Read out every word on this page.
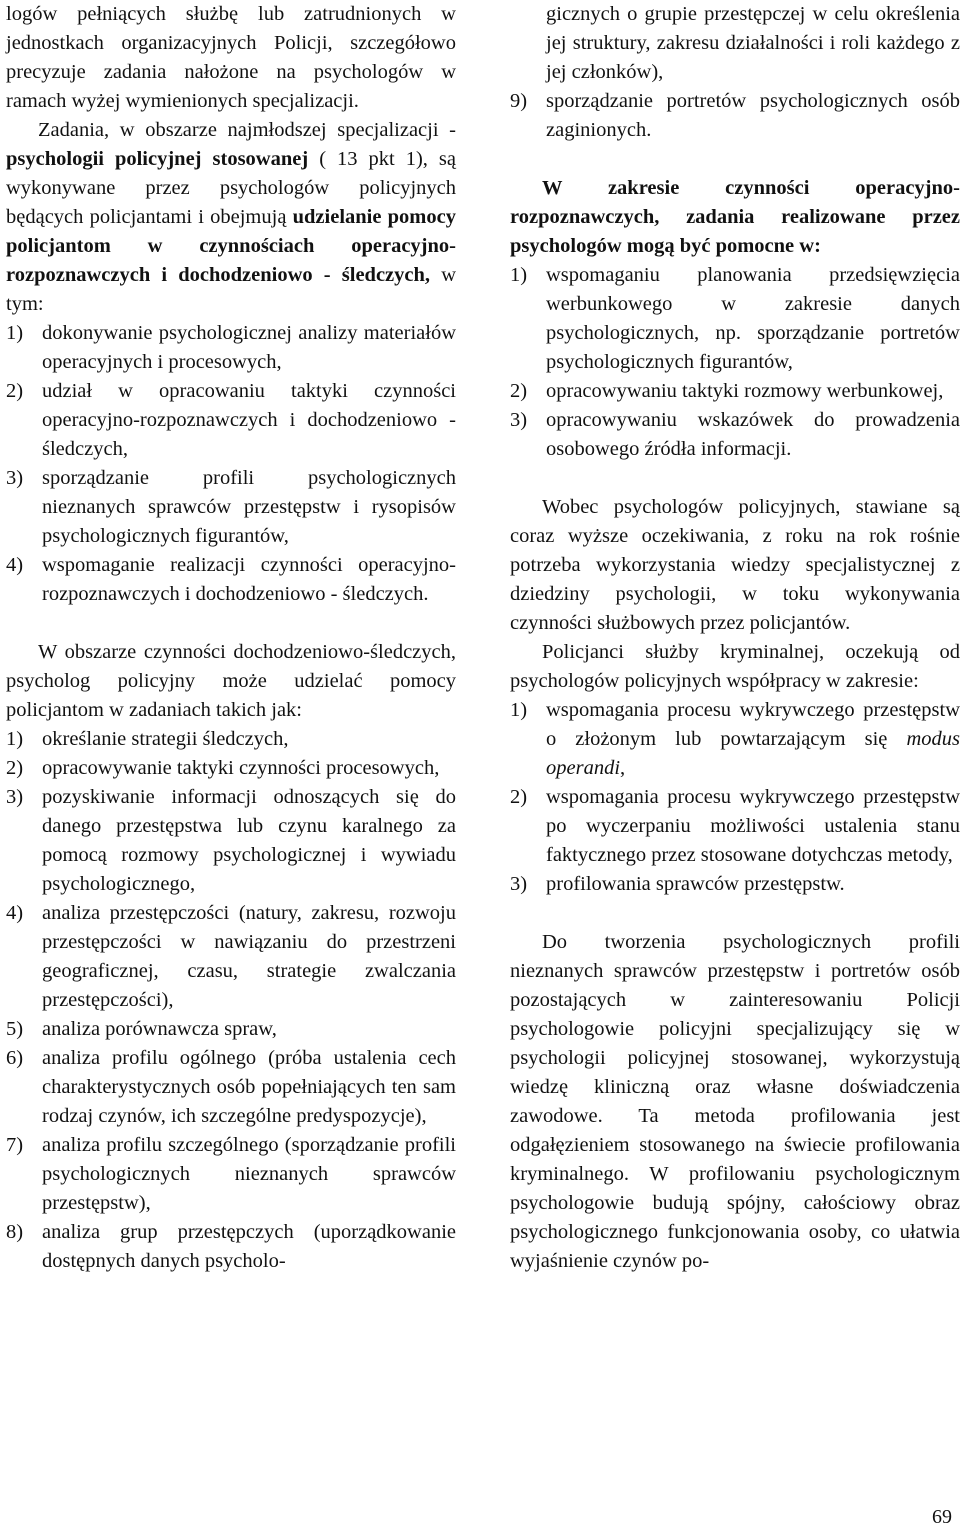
logów pełniących służbę lub zatrudnionych w jednostkach organizacyjnych Policji, szczegółowo precyzuje zadania nałożone na psychologów w ramach wyżej wymienionych specjalizacji.

Zadania, w obszarze najmłodszej specjalizacji - psychologii policyjnej stosowanej ( 13 pkt 1), są wykonywane przez psychologów policyjnych będących policjantami i obejmują udzielanie pomocy policjantom w czynnościach operacyjno-rozpoznawczych i dochodzeniowo - śledczych, w tym:

1) dokonywanie psychologicznej analizy materiałów operacyjnych i procesowych,
2) udział w opracowaniu taktyki czynności operacyjno-rozpoznawczych i dochodzeniowo - śledczych,
3) sporządzanie profili psychologicznych nieznanych sprawców przestępstw i rysopisów psychologicznych figurantów,
4) wspomaganie realizacji czynności operacyjno-rozpoznawczych i dochodzeniowo - śledczych.

W obszarze czynności dochodzeniowo-śledczych, psycholog policyjny może udzielać pomocy policjantom w zadaniach takich jak:

1) określanie strategii śledczych,
2) opracowywanie taktyki czynności procesowych,
3) pozyskiwanie informacji odnoszących się do danego przestępstwa lub czynu karalnego za pomocą rozmowy psychologicznej i wywiadu psychologicznego,
4) analiza przestępczości (natury, zakresu, rozwoju przestępczości w nawiązaniu do przestrzeni geograficznej, czasu, strategie zwalczania przestępczości),
5) analiza porównawcza spraw,
6) analiza profilu ogólnego (próba ustalenia cech charakterystycznych osób popełniających ten sam rodzaj czynów, ich szczególne predyspozycje),
7) analiza profilu szczególnego (sporządzanie profili psychologicznych nieznanych sprawców przestępstw),
8) analiza grup przestępczych (uporządkowanie dostępnych danych psycholo-
gicznych o grupie przestępczej w celu określenia jej struktury, zakresu działalności i roli każdego z jej członków),
9) sporządzanie portretów psychologicznych osób zaginionych.

W zakresie czynności operacyjno-rozpoznawczych, zadania realizowane przez psychologów mogą być pomocne w:

1) wspomaganiu planowania przedsięwzięcia werbunkowego w zakresie danych psychologicznych, np. sporządzanie portretów psychologicznych figurantów,
2) opracowywaniu taktyki rozmowy werbunkowej,
3) opracowywaniu wskazówek do prowadzenia osobowego źródła informacji.

Wobec psychologów policyjnych, stawiane są coraz wyższe oczekiwania, z roku na rok rośnie potrzeba wykorzystania wiedzy specjalistycznej z dziedziny psychologii, w toku wykonywania czynności służbowych przez policjantów.

Policjanci służby kryminalnej, oczekują od psychologów policyjnych współpracy w zakresie:

1) wspomagania procesu wykrywczego przestępstw o złożonym lub powtarzającym się modus operandi,
2) wspomagania procesu wykrywczego przestępstw po wyczerpaniu możliwości ustalenia stanu faktycznego przez stosowane dotychczas metody,
3) profilowania sprawców przestępstw.

Do tworzenia psychologicznych profili nieznanych sprawców przestępstw i portretów osób pozostających w zainteresowaniu Policji psychologowie policyjni specjalizujący się w psychologii policyjnej stosowanej, wykorzystują wiedzę kliniczną oraz własne doświadczenia zawodowe. Ta metoda profilowania jest odgałęzieniem stosowanego na świecie profilowania kryminalnego. W profilowaniu psychologicznym psychologowie budują spójny, całościowy obraz psychologicznego funkcjonowania osoby, co ułatwia wyjaśnienie czynów po-

69
